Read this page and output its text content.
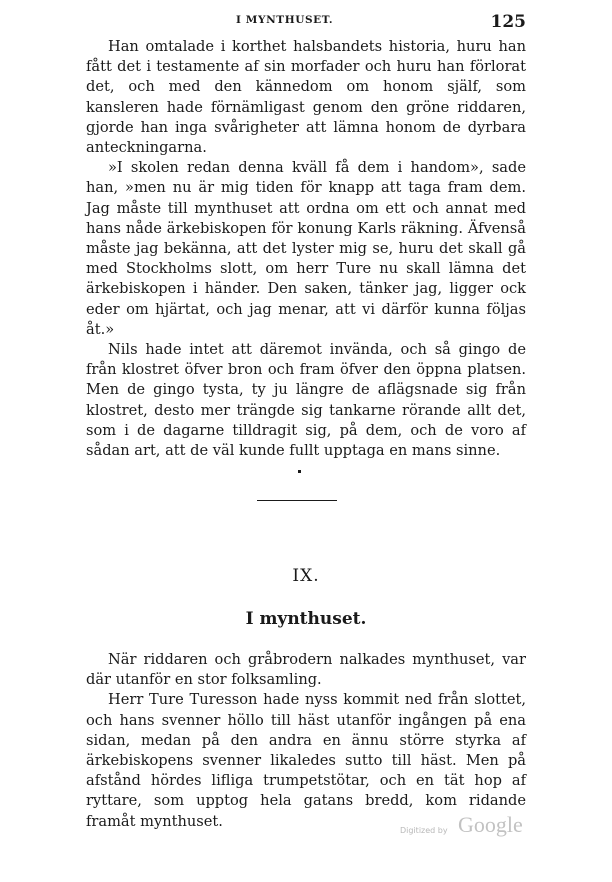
I MYNTHUSET.	125

Han omtalade i korthet halsbandets historia, huru han fått det i testamente af sin morfader och huru han förlorat det, och med den kännedom om honom själf, som kansleren hade förnämligast genom den gröne riddaren, gjorde han inga svårigheter att lämna honom de dyrbara anteckningarna.

»I skolen redan denna kväll få dem i handom», sade han, »men nu är mig tiden för knapp att taga fram dem. Jag måste till mynthuset att ordna om ett och annat med hans nåde ärkebiskopen för konung Karls räkning. Äfvenså måste jag bekänna, att det lyster mig se, huru det skall gå med Stockholms slott, om herr Ture nu skall lämna det ärkebiskopen i händer. Den saken, tänker jag, ligger ock eder om hjärtat, och jag menar, att vi därför kunna följas åt.»

Nils hade intet att däremot invända, och så gingo de från klostret öfver bron och fram öfver den öppna platsen. Men de gingo tysta, ty ju längre de aflägsnade sig från klostret, desto mer trängde sig tankarne rörande allt det, som i de dagarne tilldragit sig, på dem, och de voro af sådan art, att de väl kunde fullt upptaga en mans sinne.

IX.
I mynthuset.

När riddaren och gråbrodern nalkades mynthuset, var där utanför en stor folksamling.

Herr Ture Turesson hade nyss kommit ned från slottet, och hans svenner höllo till häst utanför ingången på ena sidan, medan på den andra en ännu större styrka af ärkebiskopens svenner likaledes sutto till häst. Men på afstånd hördes lifliga trumpetstötar, och en tät hop af ryttare, som upptog hela gatans bredd, kom ridande framåt mynthuset.

Digitized by Google
